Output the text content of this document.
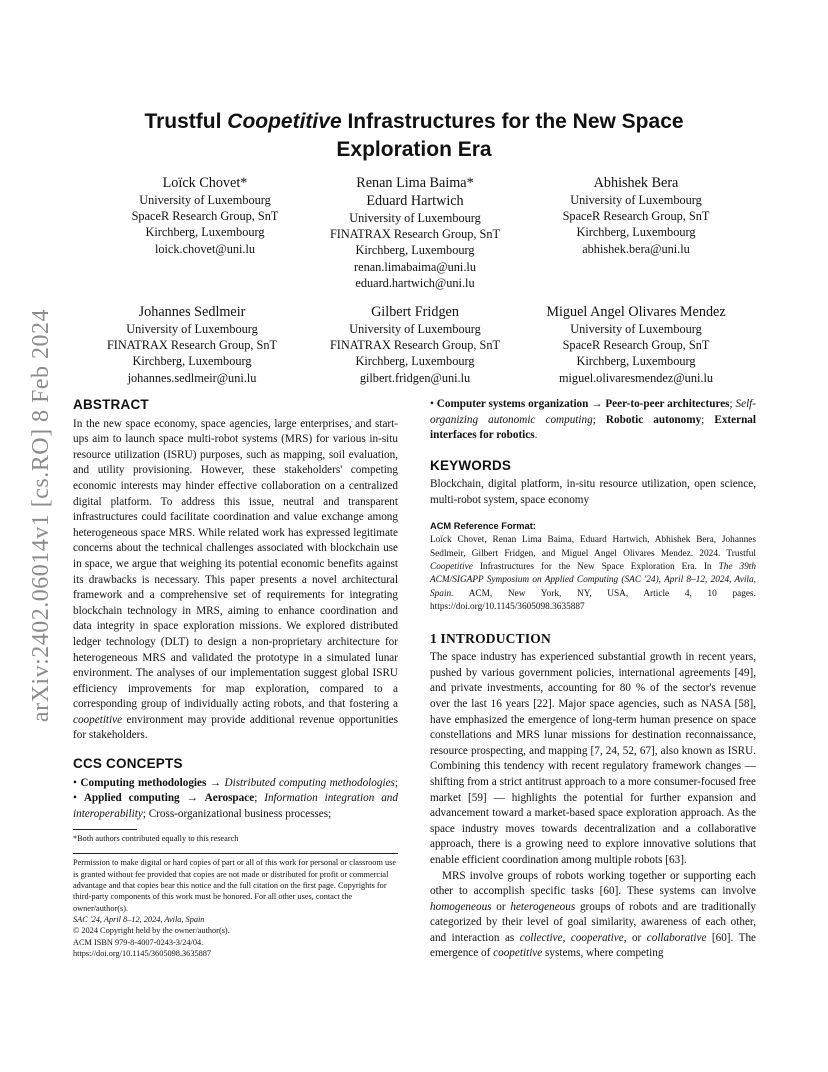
arXiv:2402.06014v1 [cs.RO] 8 Feb 2024
Trustful Coopetitive Infrastructures for the New Space Exploration Era
Loïck Chovet*
University of Luxembourg
SpaceR Research Group, SnT
Kirchberg, Luxembourg
loick.chovet@uni.lu
Renan Lima Baima*
Eduard Hartwich
University of Luxembourg
FINATRAX Research Group, SnT
Kirchberg, Luxembourg
renan.limabaima@uni.lu
eduard.hartwich@uni.lu
Abhishek Bera
University of Luxembourg
SpaceR Research Group, SnT
Kirchberg, Luxembourg
abhishek.bera@uni.lu
Johannes Sedlmeir
University of Luxembourg
FINATRAX Research Group, SnT
Kirchberg, Luxembourg
johannes.sedlmeir@uni.lu
Gilbert Fridgen
University of Luxembourg
FINATRAX Research Group, SnT
Kirchberg, Luxembourg
gilbert.fridgen@uni.lu
Miguel Angel Olivares Mendez
University of Luxembourg
SpaceR Research Group, SnT
Kirchberg, Luxembourg
miguel.olivaresmendez@uni.lu
ABSTRACT

In the new space economy, space agencies, large enterprises, and start-ups aim to launch space multi-robot systems (MRS) for various in-situ resource utilization (ISRU) purposes, such as mapping, soil evaluation, and utility provisioning. However, these stakeholders' competing economic interests may hinder effective collaboration on a centralized digital platform. To address this issue, neutral and transparent infrastructures could facilitate coordination and value exchange among heterogeneous space MRS. While related work has expressed legitimate concerns about the technical challenges associated with blockchain use in space, we argue that weighing its potential economic benefits against its drawbacks is necessary. This paper presents a novel architectural framework and a comprehensive set of requirements for integrating blockchain technology in MRS, aiming to enhance coordination and data integrity in space exploration missions. We explored distributed ledger technology (DLT) to design a non-proprietary architecture for heterogeneous MRS and validated the prototype in a simulated lunar environment. The analyses of our implementation suggest global ISRU efficiency improvements for map exploration, compared to a corresponding group of individually acting robots, and that fostering a coopetitive environment may provide additional revenue opportunities for stakeholders.

CCS CONCEPTS

• Computing methodologies → Distributed computing methodologies; • Applied computing → Aerospace; Information integration and interoperability; Cross-organizational business processes;

*Both authors contributed equally to this research
Permission to make digital or hard copies of part or all of this work for personal or classroom use is granted without fee provided that copies are not made or distributed for profit or commercial advantage and that copies bear this notice and the full citation on the first page. Copyrights for third-party components of this work must be honored. For all other uses, contact the owner/author(s).
SAC '24, April 8–12, 2024, Avila, Spain
© 2024 Copyright held by the owner/author(s).
ACM ISBN 979-8-4007-0243-3/24/04.
https://doi.org/10.1145/3605098.3635887

• Computer systems organization → Peer-to-peer architectures; Self-organizing autonomic computing; Robotic autonomy; External interfaces for robotics.

KEYWORDS

Blockchain, digital platform, in-situ resource utilization, open science, multi-robot system, space economy

ACM Reference Format:

Loïck Chovet, Renan Lima Baima, Eduard Hartwich, Abhishek Bera, Johannes Sedlmeir, Gilbert Fridgen, and Miguel Angel Olivares Mendez. 2024. Trustful Coopetitive Infrastructures for the New Space Exploration Era. In The 39th ACM/SIGAPP Symposium on Applied Computing (SAC '24), April 8–12, 2024, Avila, Spain. ACM, New York, NY, USA, Article 4, 10 pages. https://doi.org/10.1145/3605098.3635887

1 INTRODUCTION

The space industry has experienced substantial growth in recent years, pushed by various government policies, international agreements [49], and private investments, accounting for 80 % of the sector's revenue over the last 16 years [22]. Major space agencies, such as NASA [58], have emphasized the emergence of long-term human presence on space constellations and MRS lunar missions for destination reconnaissance, resource prospecting, and mapping [7, 24, 52, 67], also known as ISRU. Combining this tendency with recent regulatory framework changes — shifting from a strict antitrust approach to a more consumer-focused free market [59] — highlights the potential for further expansion and advancement toward a market-based space exploration approach. As the space industry moves towards decentralization and a collaborative approach, there is a growing need to explore innovative solutions that enable efficient coordination among multiple robots [63].

MRS involve groups of robots working together or supporting each other to accomplish specific tasks [60]. These systems can involve homogeneous or heterogeneous groups of robots and are traditionally categorized by their level of goal similarity, awareness of each other, and interaction as collective, cooperative, or collaborative [60]. The emergence of coopetitive systems, where competing
